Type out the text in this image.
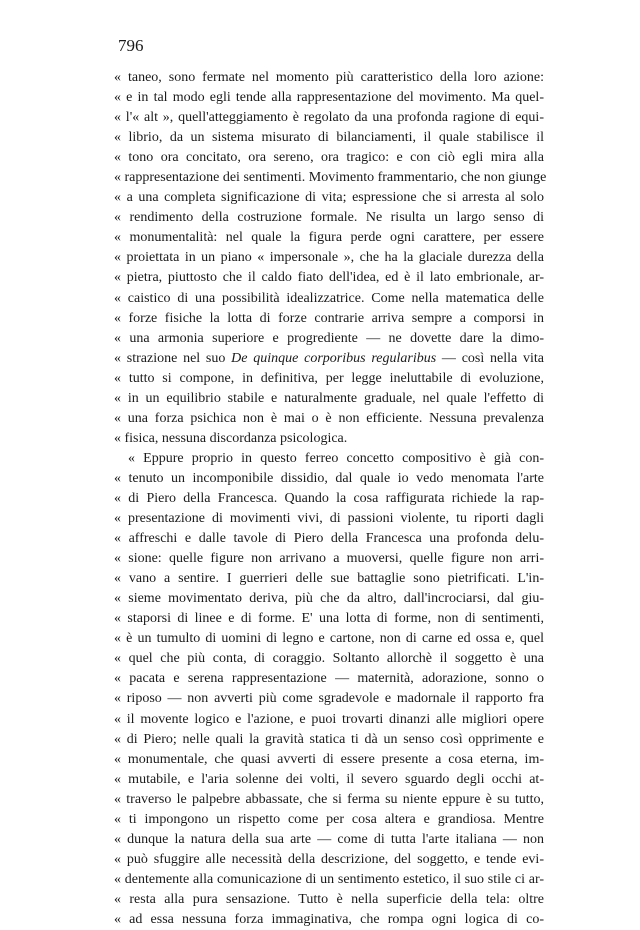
796
« taneo, sono fermate nel momento più caratteristico della loro azione:
« e in tal modo egli tende alla rappresentazione del movimento. Ma quel-
« l'« alt », quell'atteggiamento è regolato da una profonda ragione di equi-
« librio, da un sistema misurato di bilanciamenti, il quale stabilisce il
« tono ora concitato, ora sereno, ora tragico: e con ciò egli mira alla
« rappresentazione dei sentimenti. Movimento frammentario, che non giunge
« a una completa significazione di vita; espressione che si arresta al solo
« rendimento della costruzione formale. Ne risulta un largo senso di
« monumentalità: nel quale la figura perde ogni carattere, per essere
« proiettata in un piano « impersonale », che ha la glaciale durezza della
« pietra, piuttosto che il caldo fiato dell'idea, ed è il lato embrionale, ar-
« caistico di una possibilità idealizzatrice. Come nella matematica delle
« forze fisiche la lotta di forze contrarie arriva sempre a comporsi in
« una armonia superiore e progrediente — ne dovette dare la dimo-
« strazione nel suo De quinque corporibus regularibus — così nella vita
« tutto si compone, in definitiva, per legge ineluttabile di evoluzione,
« in un equilibrio stabile e naturalmente graduale, nel quale l'effetto di
« una forza psichica non è mai o è non efficiente. Nessuna prevalenza
« fisica, nessuna discordanza psicologica.
« Eppure proprio in questo ferreo concetto compositivo è già con-
« tenuto un incomponibile dissidio, dal quale io vedo menomata l'arte
« di Piero della Francesca. Quando la cosa raffigurata richiede la rap-
« presentazione di movimenti vivi, di passioni violente, tu riporti dagli
« affreschi e dalle tavole di Piero della Francesca una profonda delu-
« sione: quelle figure non arrivano a muoversi, quelle figure non arri-
« vano a sentire. I guerrieri delle sue battaglie sono pietrificati. L'in-
« sieme movimentato deriva, più che da altro, dall'incrociarsi, dal giu-
« staporsi di linee e di forme. E' una lotta di forme, non di sentimenti,
« è un tumulto di uomini di legno e cartone, non di carne ed ossa e, quel
« quel che più conta, di coraggio. Soltanto allorchè il soggetto è una
« pacata e serena rappresentazione — maternità, adorazione, sonno o
« riposo — non avverti più come sgradevole e madornale il rapporto fra
« il movente logico e l'azione, e puoi trovarti dinanzi alle migliori opere
« di Piero; nelle quali la gravità statica ti dà un senso così opprimente e
« monumentale, che quasi avverti di essere presente a cosa eterna, im-
« mutabile, e l'aria solenne dei volti, il severo sguardo degli occhi at-
« traverso le palpebre abbassate, che si ferma su niente eppure è su tutto,
« ti impongono un rispetto come per cosa altera e grandiosa. Mentre
« dunque la natura della sua arte — come di tutta l'arte italiana — non
« può sfuggire alle necessità della descrizione, del soggetto, e tende evi-
« dentemente alla comunicazione di un sentimento estetico, il suo stile ci ar-
« resta alla pura sensazione. Tutto è nella superficie della tela: oltre
« ad essa nessuna forza immaginativa, che rompa ogni logica di co-
